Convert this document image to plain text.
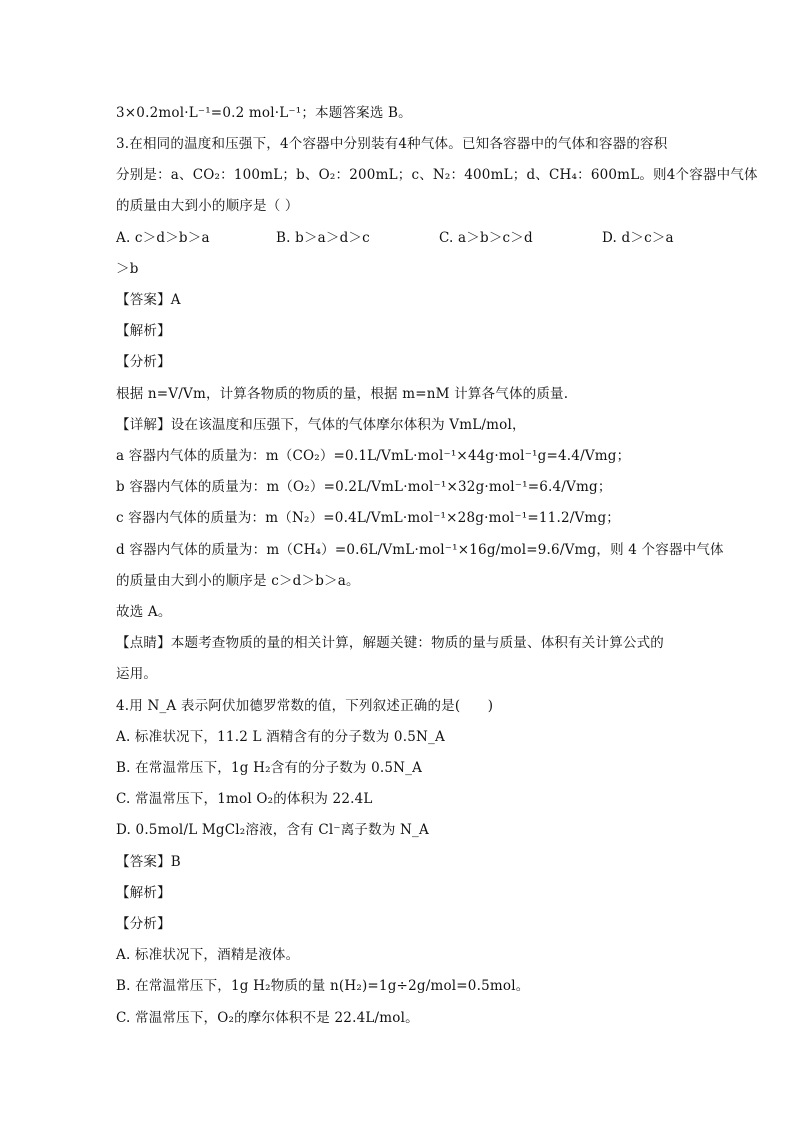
3×0.2mol·L⁻¹=0.2 mol·L⁻¹；本题答案选 B。
3.在相同的温度和压强下，4个容器中分别装有4种气体。已知各容器中的气体和容器的容积
分别是：a、CO₂：100mL；b、O₂：200mL；c、N₂：400mL；d、CH₄：600mL。则4个容器中气体
的质量由大到小的顺序是（ ）
A. c＞d＞b＞a	B. b＞a＞d＞c	C. a＞b＞c＞d	D. d＞c＞a
＞b
【答案】A
【解析】
【分析】
根据 n=V/Vm，计算各物质的物质的量，根据 m=nM 计算各气体的质量.
【详解】设在该温度和压强下，气体的气体摩尔体积为 VmL/mol，
a 容器内气体的质量为：m（CO₂）=0.1L/VmL·mol⁻¹×44g·mol⁻¹g=4.4/Vmg；
b 容器内气体的质量为：m（O₂）=0.2L/VmL·mol⁻¹×32g·mol⁻¹=6.4/Vmg；
c 容器内气体的质量为：m（N₂）=0.4L/VmL·mol⁻¹×28g·mol⁻¹=11.2/Vmg；
d 容器内气体的质量为：m（CH₄）=0.6L/VmL·mol⁻¹×16g/mol=9.6/Vmg，则 4 个容器中气体
的质量由大到小的顺序是 c＞d＞b＞a。
故选 A。
【点睛】本题考查物质的量的相关计算，解题关键：物质的量与质量、体积有关计算公式的
运用。
4.用 N_A 表示阿伏加德罗常数的值，下列叙述正确的是(　　)
A. 标准状况下，11.2 L 酒精含有的分子数为 0.5N_A
B. 在常温常压下，1g H₂含有的分子数为 0.5N_A
C. 常温常压下，1mol O₂的体积为 22.4L
D. 0.5mol/L MgCl₂溶液，含有 Cl⁻离子数为 N_A
【答案】B
【解析】
【分析】
A. 标准状况下，酒精是液体。
B. 在常温常压下，1g H₂物质的量 n(H₂)=1g÷2g/mol=0.5mol。
C. 常温常压下，O₂的摩尔体积不是 22.4L/mol。
